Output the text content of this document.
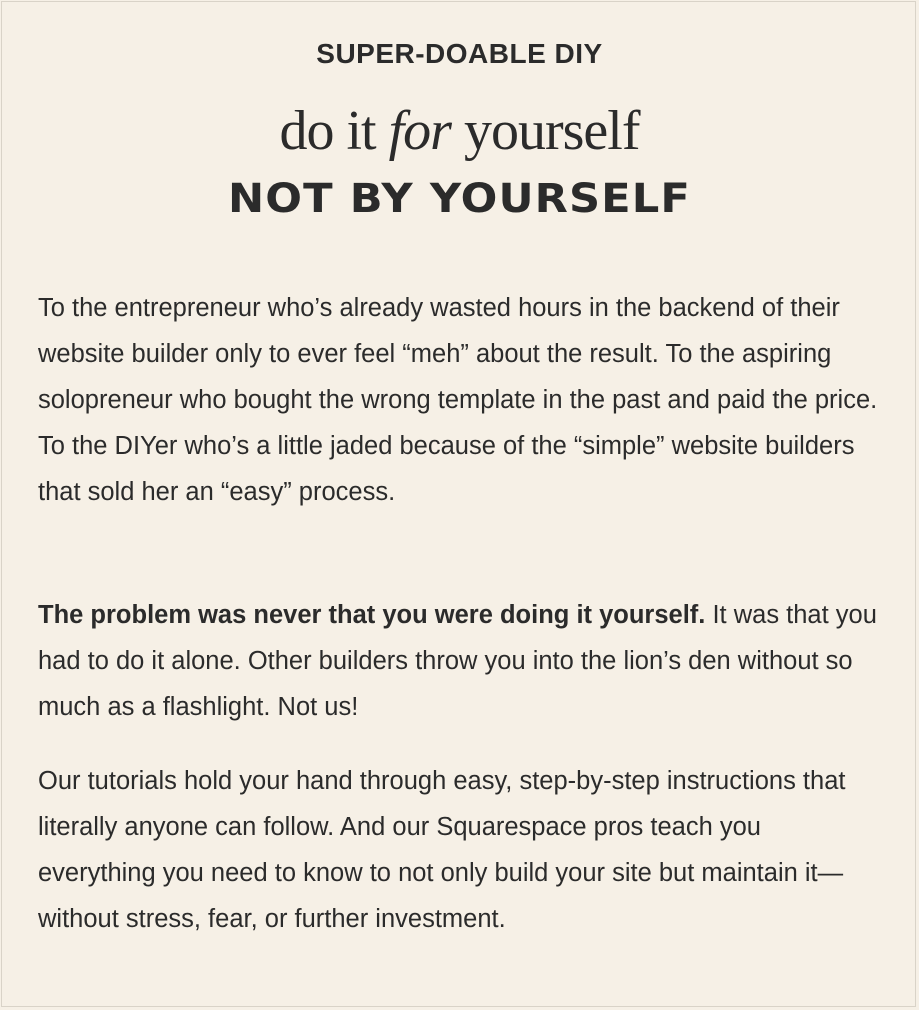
SUPER-DOABLE DIY
do it for yourself
NOT BY YOURSELF

To the entrepreneur who’s already wasted hours in the backend of their website builder only to ever feel “meh” about the result. To the aspiring solopreneur who bought the wrong template in the past and paid the price. To the DIYer who’s a little jaded because of the “simple” website builders that sold her an “easy” process.

The problem was never that you were doing it yourself. It was that you had to do it alone. Other builders throw you into the lion’s den without so much as a flashlight. Not us!

Our tutorials hold your hand through easy, step-by-step instructions that literally anyone can follow. And our Squarespace pros teach you everything you need to know to not only build your site but maintain it—without stress, fear, or further investment.
